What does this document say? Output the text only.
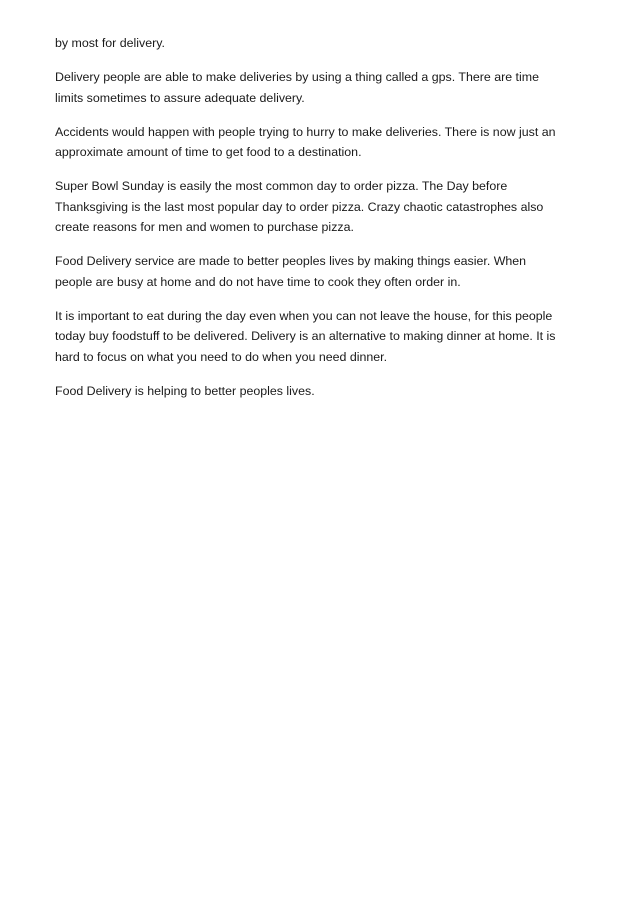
by most for delivery.

Delivery people are able to make deliveries by using a thing called a gps. There are time
limits sometimes to assure adequate delivery.

Accidents would happen with people trying to hurry to make deliveries. There is now just an
approximate amount of time to get food to a destination.

Super Bowl Sunday is easily the most common day to order pizza. The Day before
Thanksgiving is the last most popular day to order pizza. Crazy chaotic catastrophes also
create reasons for men and women to purchase pizza.

Food Delivery service are made to better peoples lives by making things easier. When
people are busy at home and do not have time to cook they often order in.

It is important to eat during the day even when you can not leave the house, for this people
today buy foodstuff to be delivered. Delivery is an alternative to making dinner at home. It is
hard to focus on what you need to do when you need dinner.

Food Delivery is helping to better peoples lives.
